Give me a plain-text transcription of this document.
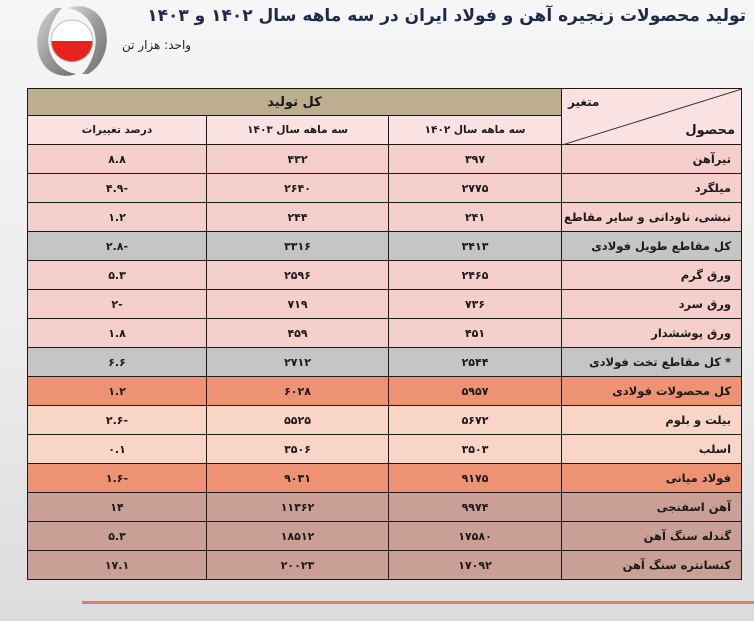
تولید محصولات زنجیره آهن و فولاد ایران در سه ماهه سال ۱۴۰۲ و ۱۴۰۳
واحد: هزار تن
متغیر
محصول	کل تولید		
	سه ماهه سال ۱۴۰۲	سه ماهه سال ۱۴۰۳	درصد تغییرات
تیرآهن	۳۹۷	۴۳۲	۸.۸
میلگرد	۲۷۷۵	۲۶۴۰	-۴.۹
نبشی، ناودانی و سایر مقاطع	۲۴۱	۲۴۴	۱.۲
کل مقاطع طویل فولادی	۳۴۱۳	۳۳۱۶	-۲.۸
ورق گرم	۲۴۶۵	۲۵۹۶	۵.۳
ورق سرد	۷۳۶	۷۱۹	-۲
ورق پوششدار	۴۵۱	۴۵۹	۱.۸
* کل مقاطع تخت فولادی	۲۵۴۴	۲۷۱۲	۶.۶
کل محصولات فولادی	۵۹۵۷	۶۰۲۸	۱.۲
بیلت و بلوم	۵۶۷۲	۵۵۲۵	-۲.۶
اسلب	۳۵۰۳	۳۵۰۶	۰.۱
فولاد میانی	۹۱۷۵	۹۰۳۱	-۱.۶
آهن اسفنجی	۹۹۷۴	۱۱۳۶۲	۱۴
گندله سنگ آهن	۱۷۵۸۰	۱۸۵۱۲	۵.۳
کنسانتره سنگ آهن	۱۷۰۹۲	۲۰۰۲۳	۱۷.۱
